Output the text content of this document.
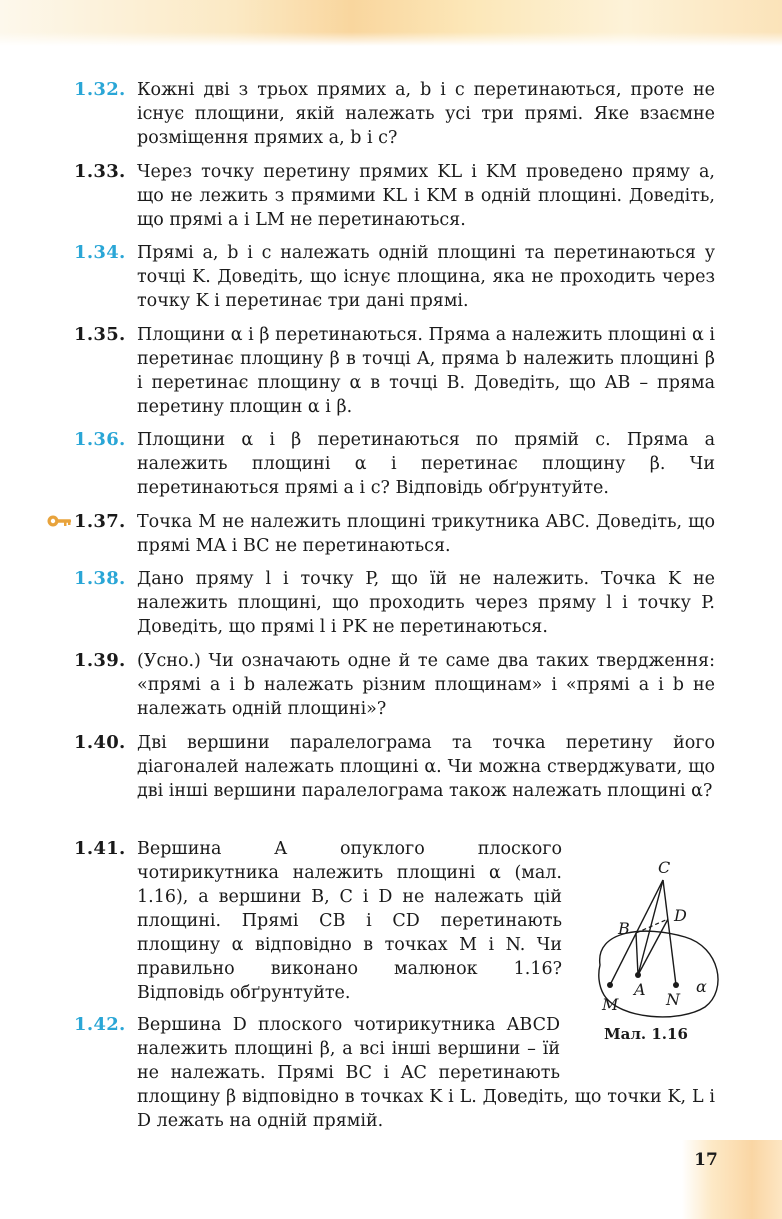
1.32. Кожні дві з трьох прямих a, b і c перетинаються, проте не існує площини, якій належать усі три прямі. Яке взаємне розміщення прямих a, b і c?

1.33. Через точку перетину прямих KL і KM проведено пряму a, що не лежить з прямими KL і KM в одній площині. Доведіть, що прямі a і LM не перетинаються.

1.34. Прямі a, b і c належать одній площині та перетинаються у точці K. Доведіть, що існує площина, яка не проходить через точку K і перетинає три дані прямі.

1.35. Площини α і β перетинаються. Пряма a належить площині α і перетинає площину β в точці A, пряма b належить площині β і перетинає площину α в точці B. Доведіть, що AB – пряма перетину площин α і β.

1.36. Площини α і β перетинаються по прямій c. Пряма a належить площині α і перетинає площину β. Чи перетинаються прямі a і c? Відповідь обґрунтуйте.

1.37. Точка M не належить площині трикутника ABC. Доведіть, що прямі MA і BC не перетинаються.

1.38. Дано пряму l і точку P, що їй не належить. Точка K не належить площині, що проходить через пряму l і точку P. Доведіть, що прямі l і PK не перетинаються.

1.39. (Усно.) Чи означають одне й те саме два таких твердження: «прямі a і b належать різним площинам» і «прямі a і b не належать одній площині»?

1.40. Дві вершини паралелограма та точка перетину його діагоналей належать площині α. Чи можна стверджувати, що дві інші вершини паралелограма також належать площині α?

1.41. Вершина A опуклого плоского чотирикутника належить площині α (мал. 1.16), а вершини B, C і D не належать цій площині. Прямі CB і CD перетинають площину α відповідно в точках M і N. Чи правильно виконано малюнок 1.16? Відповідь обґрунтуйте.

1.42. Вершина D плоского чотирикутника ABCD належить площині β, а всі інші вершини – їй не належать. Прямі BC і AC перетинають площину β відповідно в точках K і L. Доведіть, що точки K, L і D лежать на одній прямій.

C
B
D
A
M	N
α
Мал. 1.16
17
